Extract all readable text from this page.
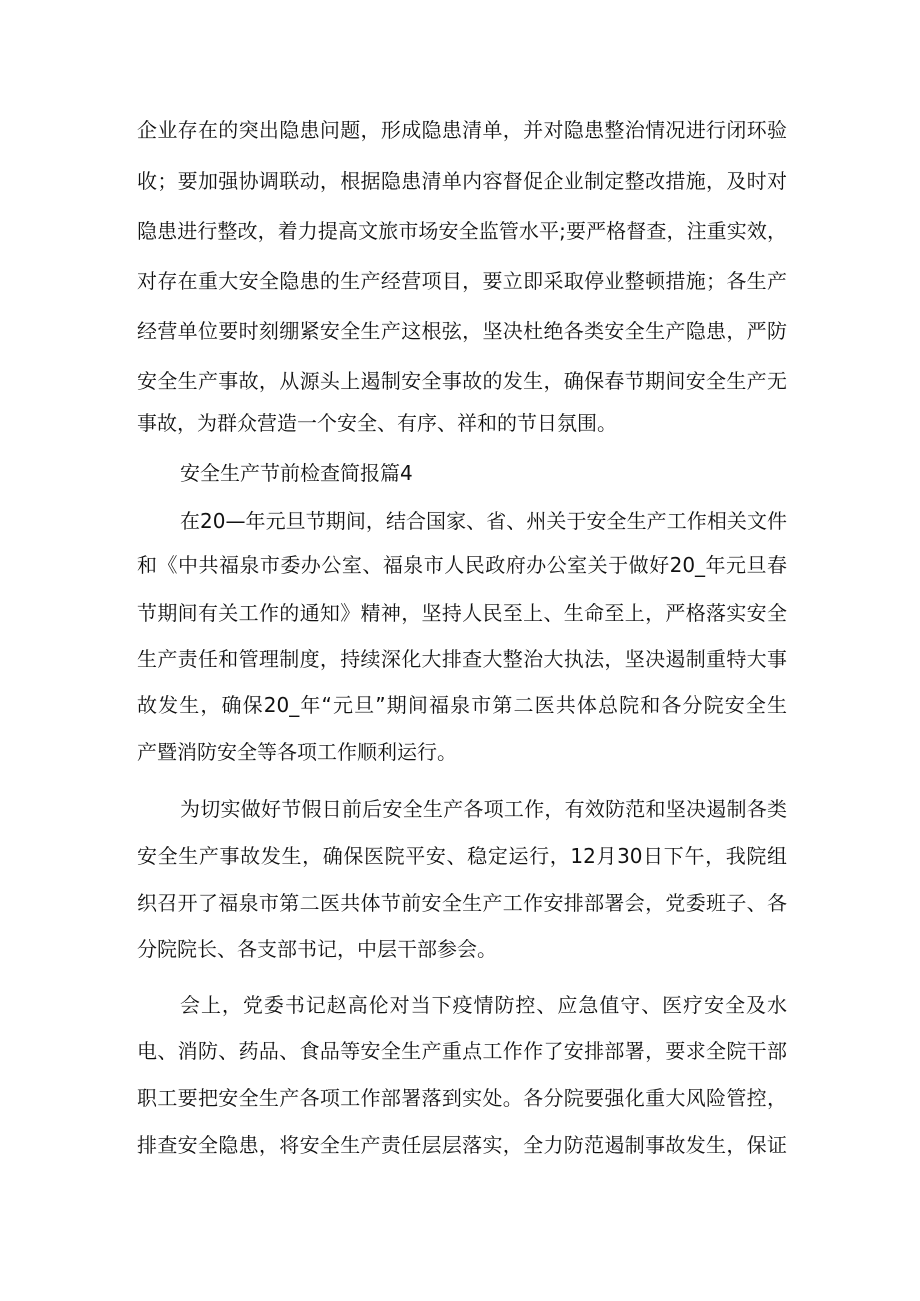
企业存在的突出隐患问题，形成隐患清单，并对隐患整治情况进行闭环验
收；要加强协调联动，根据隐患清单内容督促企业制定整改措施，及时对
隐患进行整改，着力提高文旅市场安全监管水平;要严格督查，注重实效，
对存在重大安全隐患的生产经营项目，要立即采取停业整顿措施；各生产
经营单位要时刻绷紧安全生产这根弦，坚决杜绝各类安全生产隐患，严防
安全生产事故，从源头上遏制安全事故的发生，确保春节期间安全生产无
事故，为群众营造一个安全、有序、祥和的节日氛围。
安全生产节前检查简报篇4
在20—年元旦节期间，结合国家、省、州关于安全生产工作相关文件
和《中共福泉市委办公室、福泉市人民政府办公室关于做好20_年元旦春
节期间有关工作的通知》精神，坚持人民至上、生命至上，严格落实安全
生产责任和管理制度，持续深化大排查大整治大执法，坚决遏制重特大事
故发生，确保20_年“元旦”期间福泉市第二医共体总院和各分院安全生
产暨消防安全等各项工作顺利运行。
为切实做好节假日前后安全生产各项工作，有效防范和坚决遏制各类
安全生产事故发生，确保医院平安、稳定运行，12月30日下午，我院组
织召开了福泉市第二医共体节前安全生产工作安排部署会，党委班子、各
分院院长、各支部书记，中层干部参会。
会上，党委书记赵高伦对当下疫情防控、应急值守、医疗安全及水
电、消防、药品、食品等安全生产重点工作作了安排部署，要求全院干部
职工要把安全生产各项工作部署落到实处。各分院要强化重大风险管控，
排查安全隐患，将安全生产责任层层落实，全力防范遏制事故发生，保证
